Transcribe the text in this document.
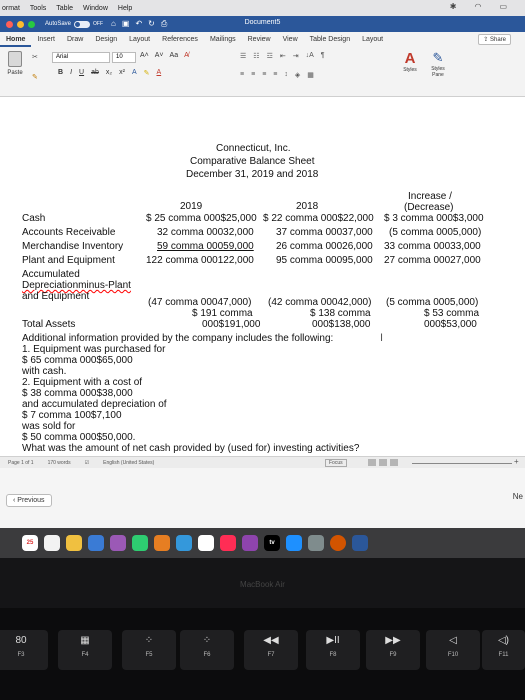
ormat Tools Table Window Help	✱ ◠ ▭
AutoSave	OFF ⌂ ▣ ↶ ↻ ⎙	Document5
Home	Insert	Draw	Design	Layout	References	Mailings	Review	View	Table Design	Layout	⇪ Share
Paste
✂
✎
Arial	10	A˄ A˅ Aa A̸
B I U ab x₂ x² A ✎ A
☰ ☷ ☲ ⇤ ⇥ ↓A ¶
≡ ≡ ≡ ≡ ↕ ◈ ▦
A
Styles
✎
Styles Pane
Connecticut, Inc.
Comparative Balance Sheet
December 31, 2019 and 2018
Increase /
(Decrease)
2019	2018
Cash	$ 25 comma 000$25,000 $ 22 comma 000$22,000 $ 3 comma 000$3,000
Accounts Receivable	32 comma 00032,000 37 comma 00037,000 (5 comma 0005,000)
Merchandise Inventory	59 comma 00059,000 26 comma 00026,000 33 comma 00033,000
Plant and Equipment	122 comma 000122,000 95 comma 00095,000 27 comma 00027,000
Accumulated
Depreciationminus-Plant
and Equipment
(47 comma 00047,000) (42 comma 00042,000) (5 comma 0005,000)
$ 191 comma
000$191,000
$ 138 comma
000$138,000
$ 53 comma
000$53,000
Total Assets
I
Additional information provided by the company includes the following:
1. Equipment was purchased for
$ 65 comma 000$65,000
with cash.
2. Equipment with a cost of
$ 38 comma 000$38,000
and accumulated depreciation of
$ 7 comma 100$7,100
was sold for
$ 50 comma 000$50,000.
What was the amount of net cash provided by (used for) investing activities?
Page 1 of 1	170 words	☑	English (United States)	Focus	+
‹ Previous	Ne
25	tv
MacBook Air
80
F3
▦
F4
⁘
F5
⁘
F6
◀◀
F7
▶II
F8
▶▶
F9
◁
F10
◁)
F11
